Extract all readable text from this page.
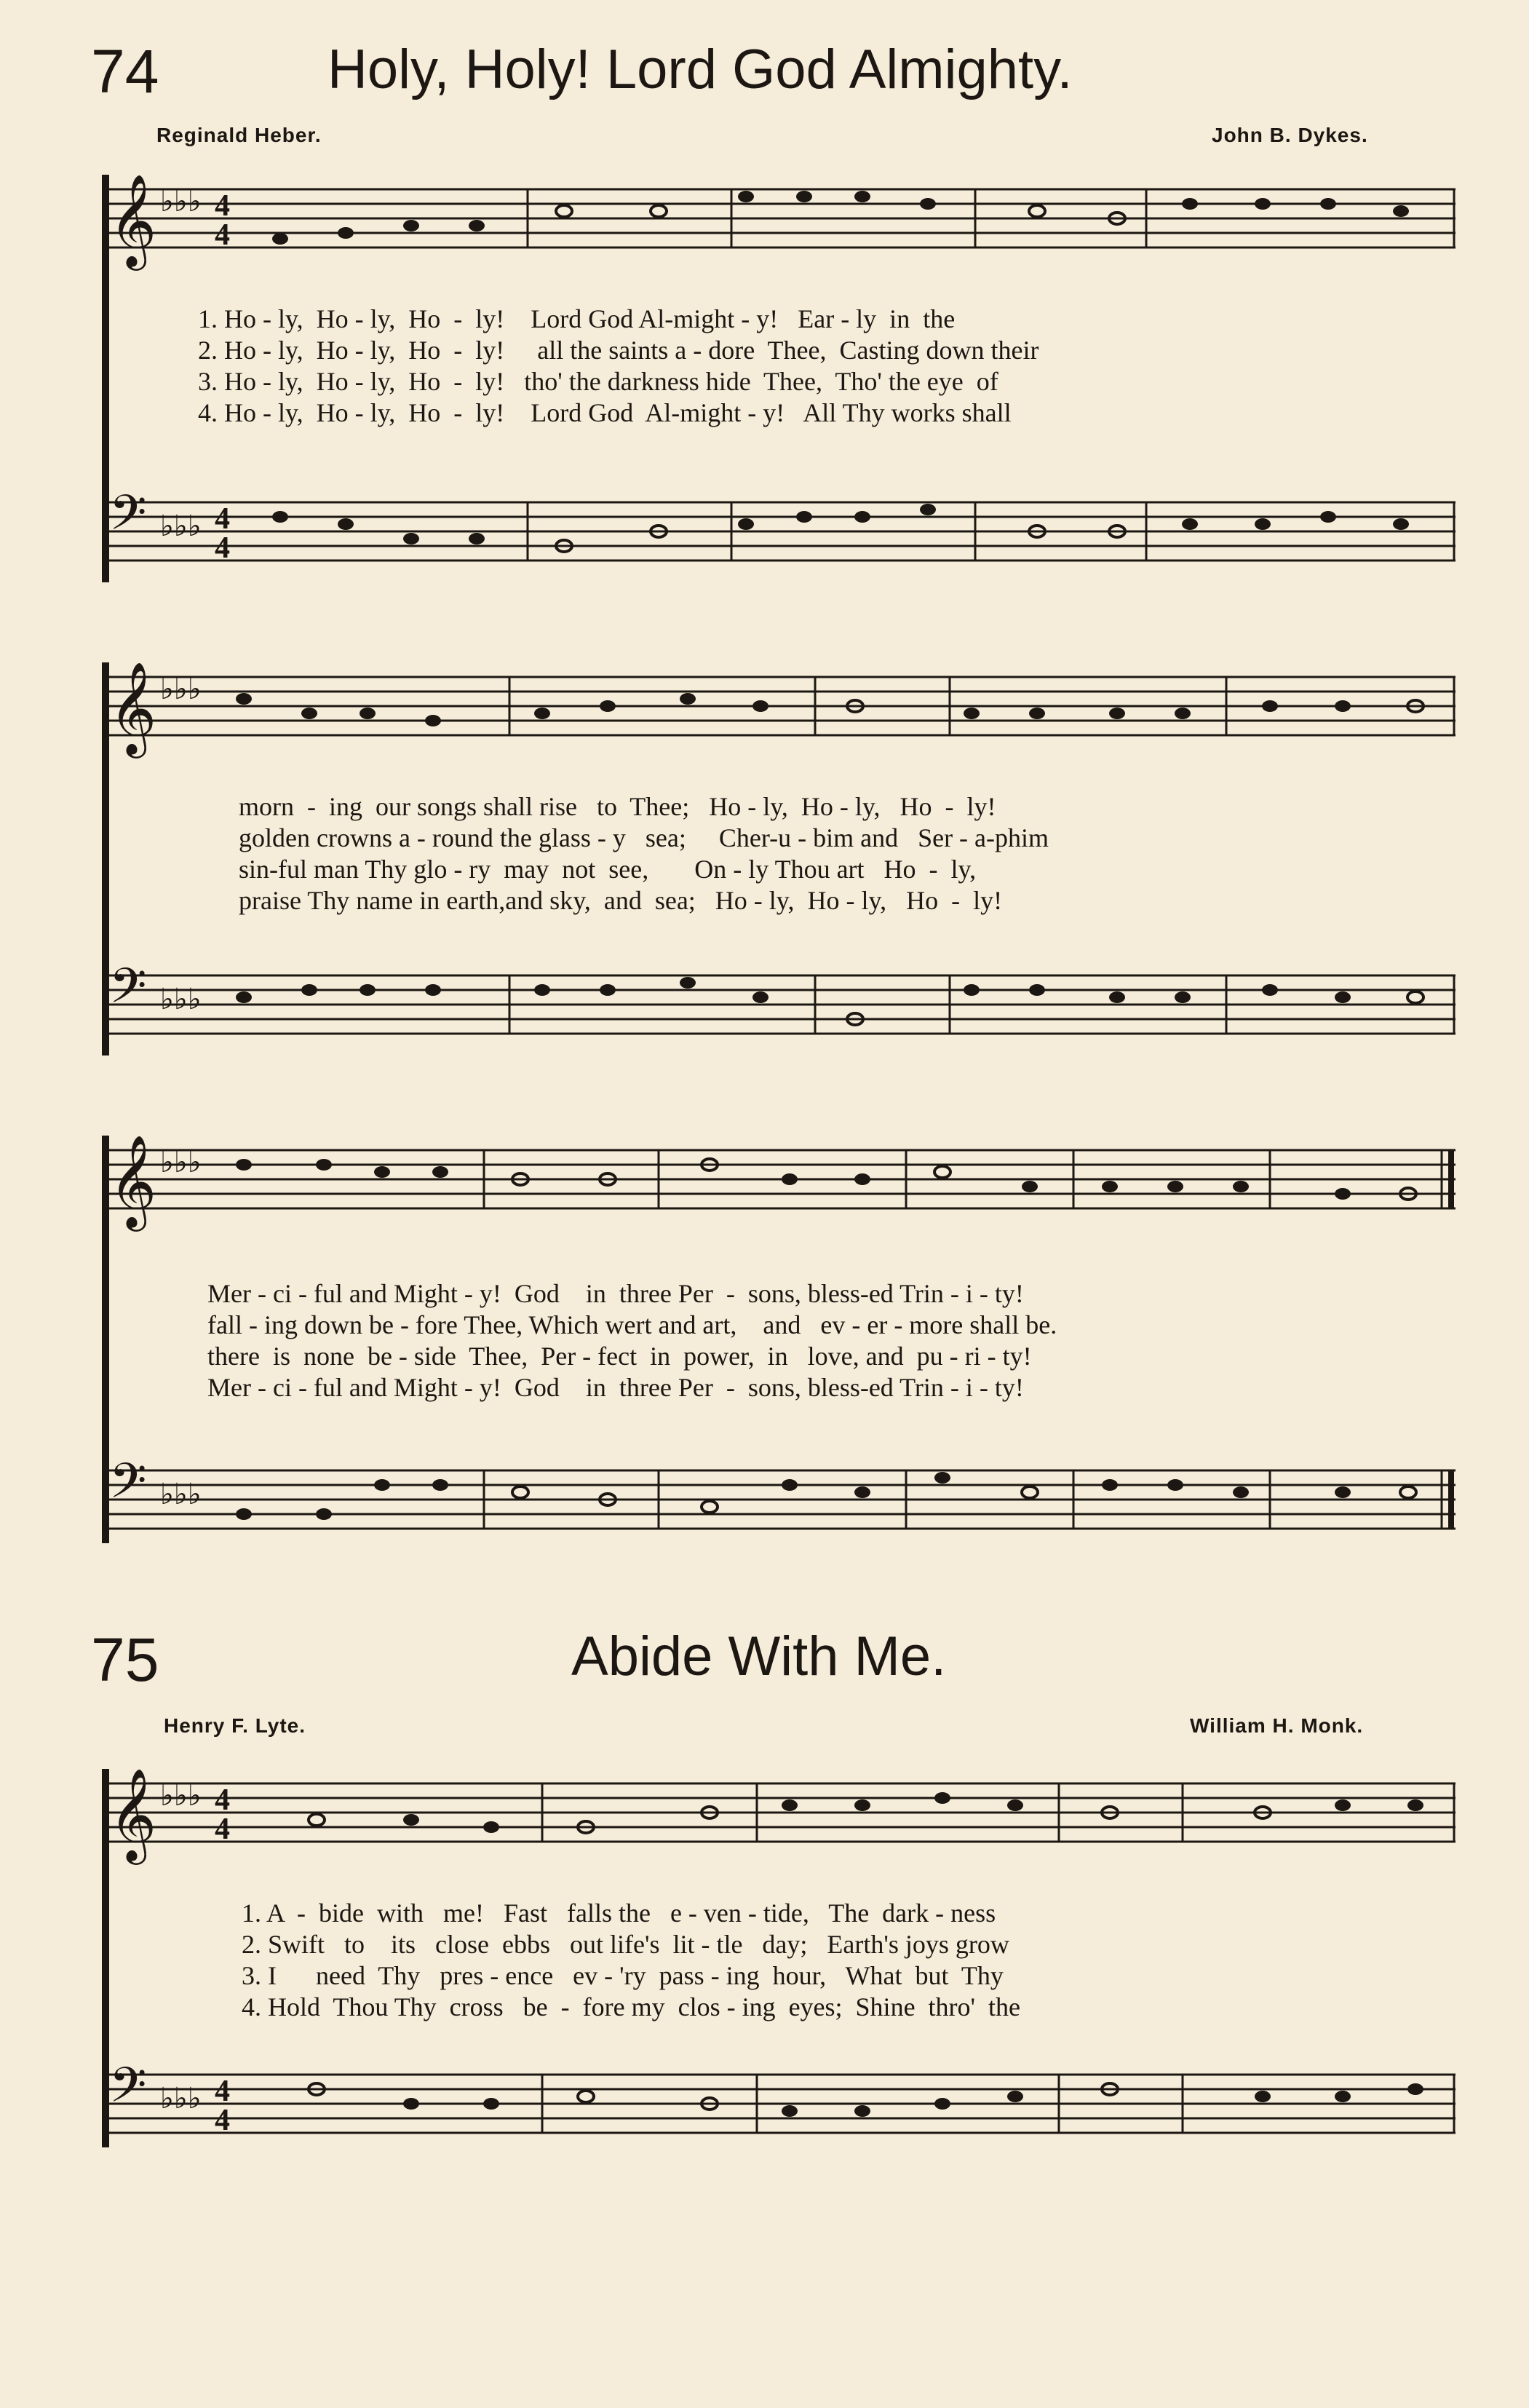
74	Holy, Holy! Lord God Almighty.
Reginald Heber.	John B. Dykes.
𝄞 ♭♭♭ 4
4
1. Ho - ly,  Ho - ly,  Ho  -  ly!    Lord God Al-might - y!   Ear - ly  in  the
2. Ho - ly,  Ho - ly,  Ho  -  ly!     all the saints a - dore  Thee,  Casting down their
3. Ho - ly,  Ho - ly,  Ho  -  ly!   tho' the darkness hide  Thee,  Tho' the eye  of
4. Ho - ly,  Ho - ly,  Ho  -  ly!    Lord God  Al-might - y!   All Thy works shall
𝄢 ♭♭♭ 4
4
𝄞 ♭♭♭
morn  -  ing  our songs shall rise   to  Thee;   Ho - ly,  Ho - ly,   Ho  -  ly!
golden crowns a - round the glass - y   sea;     Cher-u - bim and   Ser - a-phim
sin-ful man Thy glo - ry  may  not  see,       On - ly Thou art   Ho  -  ly,
praise Thy name in earth,and sky,  and  sea;   Ho - ly,  Ho - ly,   Ho  -  ly!
𝄢 ♭♭♭
𝄞 ♭♭♭
Mer - ci - ful and Might - y!  God    in  three Per  -  sons, bless-ed Trin - i - ty!
fall - ing down be - fore Thee, Which wert and art,    and   ev - er - more shall be.
there  is  none  be - side  Thee,  Per - fect  in  power,  in   love, and  pu - ri - ty!
Mer - ci - ful and Might - y!  God    in  three Per  -  sons, bless-ed Trin - i - ty!
𝄢 ♭♭♭
75	Abide With Me.
Henry F. Lyte.	William H. Monk.
𝄞 ♭♭♭ 4
4
1. A  -  bide  with   me!   Fast   falls the   e - ven - tide,   The  dark - ness
2. Swift   to    its   close  ebbs   out life's  lit - tle   day;   Earth's joys grow
3. I      need  Thy   pres - ence   ev - 'ry  pass - ing  hour,   What  but  Thy
4. Hold  Thou Thy  cross   be  -  fore my  clos - ing  eyes;  Shine  thro'  the
𝄢 ♭♭♭ 4
4
